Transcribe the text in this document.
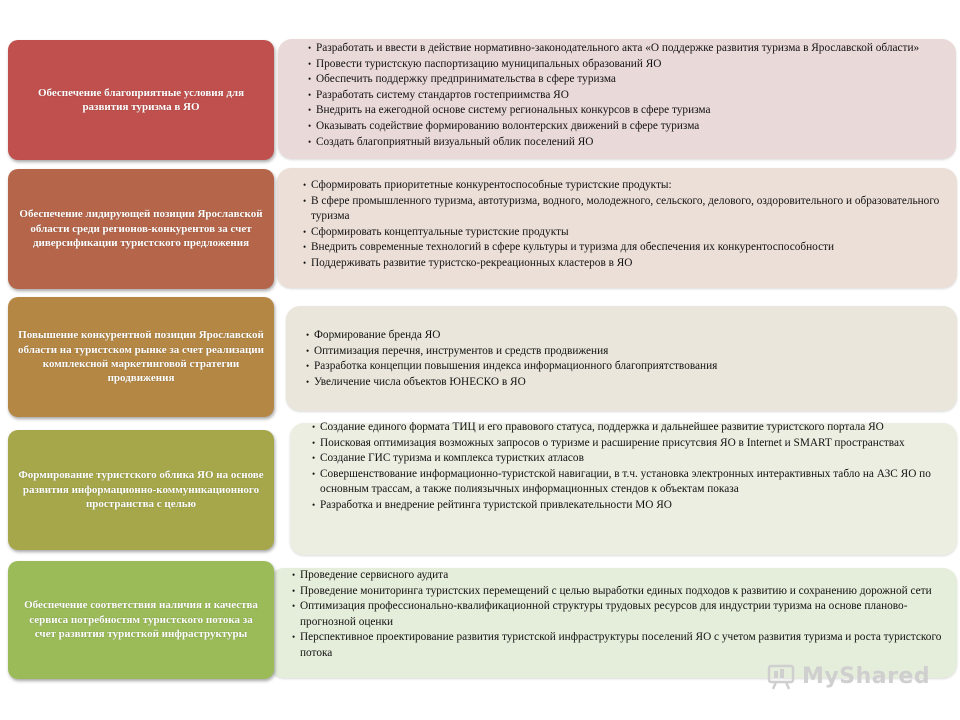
• Разработать и ввести в действие нормативно-законодательного акта «О поддержке развития туризма в Ярославской области»
• Провести туристскую паспортизацию муниципальных образований ЯО
• Обеспечить поддержку предпринимательства в сфере туризма
• Разработать систему стандартов гостеприимства ЯО
• Внедрить на ежегодной основе систему региональных конкурсов в сфере туризма
• Оказывать содействие формированию волонтерских движений в сфере туризма
• Создать благоприятный визуальный облик поселений ЯО
Обеспечение благоприятные условия для развития туризма в ЯО
• Сформировать приоритетные конкурентоспособные туристские продукты:
• В сфере промышленного туризма, автотуризма, водного, молодежного, сельского, делового, оздоровительного и образовательного туризма
• Сформировать концептуальные туристские продукты
• Внедрить современные технологий в сфере культуры и туризма для обеспечения их конкурентоспособности
• Поддерживать развитие туристско-рекреационных кластеров в ЯО
Обеспечение лидирующей позиции Ярославской области среди регионов-конкурентов за счет диверсификации туристского предложения
• Формирование бренда ЯО
• Оптимизация перечня, инструментов и средств продвижения
• Разработка концепции повышения индекса информационного благоприятствования
• Увеличение числа объектов ЮНЕСКО в ЯО
Повышение конкурентной позиции Ярославской области на туристском рынке за счет реализации комплексной маркетинговой стратегии продвижения
• Создание единого формата ТИЦ и его правового статуса, поддержка и дальнейшее развитие туристского портала ЯО
• Поисковая оптимизация возможных запросов о туризме и расширение присутсвия ЯО в Internet и SMART пространствах
• Создание ГИС туризма и комплекса туристких атласов
• Совершенствование информационно-туристской навигации, в т.ч. установка электронных интерактивных табло на АЗС ЯО по основным трассам, а также полиязычных информационных стендов к объектам показа
• Разработка и внедрение рейтинга туристской привлекательности МО ЯО
Формирование туристского облика ЯО на основе развития информационно-коммуникационного пространства с целью
• Проведение сервисного аудита
• Проведение мониторинга туристских перемещений с целью выработки единых подходов к развитию и сохранению дорожной сети
• Оптимизация профессионально-квалификационной структуры трудовых ресурсов для индустрии туризма на основе планово-прогнозной оценки
• Перспективное проектирование развития туристской инфраструктуры поселений ЯО с учетом развития туризма и роста туристского потока
Обеспечение соответствия наличия и качества сервиса потребностям туристского потока за счет развития туристкой инфраструктуры
MyShared
